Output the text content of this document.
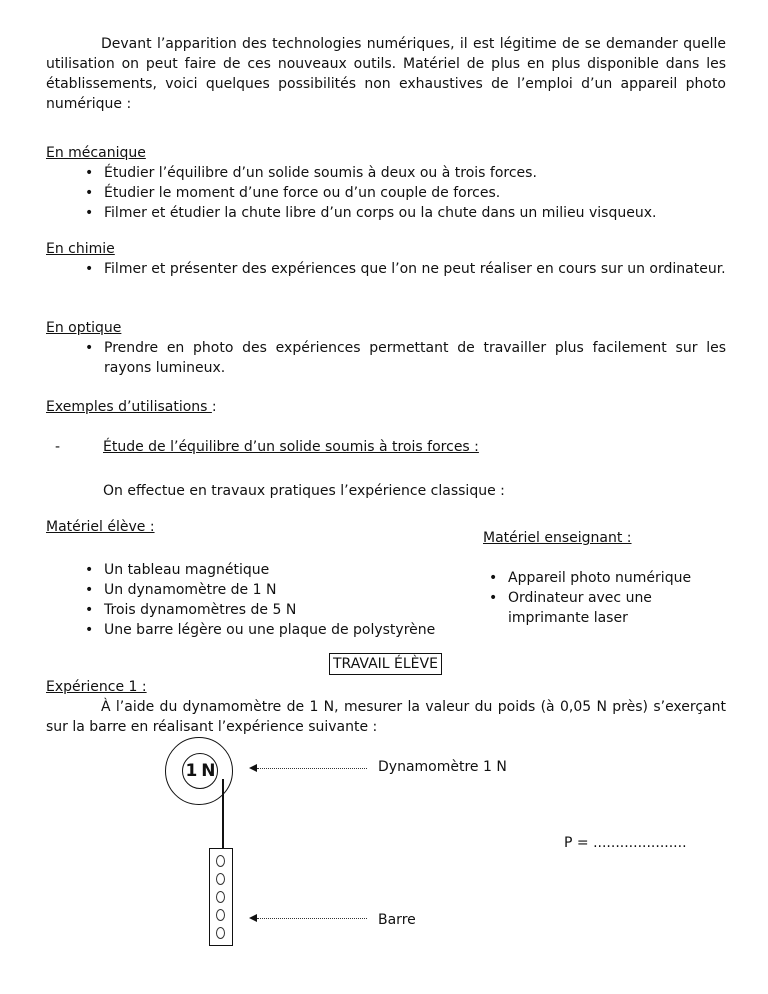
Devant l’apparition des technologies numériques, il est légitime de se demander quelle utilisation on peut faire de ces nouveaux outils. Matériel de plus en plus disponible dans les établissements, voici quelques possibilités non exhaustives de l’emploi d’un appareil photo numérique :
En mécanique
• Étudier l’équilibre d’un solide soumis à deux ou à trois forces.
• Étudier le moment d’une force ou d’un couple de forces.
• Filmer et étudier la chute libre d’un corps ou la chute dans un milieu visqueux.
En chimie
• Filmer et présenter des expériences que l’on ne peut réaliser en cours sur un ordinateur.
En optique
• Prendre en photo des expériences permettant de travailler plus facilement sur les rayons lumineux.
Exemples d’utilisations :
-	Étude de l’équilibre d’un solide soumis à trois forces :
On effectue en travaux pratiques l’expérience classique :
Matériel élève :
• Un tableau magnétique
• Un dynamomètre de 1 N
• Trois dynamomètres de 5 N
• Une barre légère ou une plaque de polystyrène
Matériel enseignant :
• Appareil photo numérique
• Ordinateur avec une imprimante laser
TRAVAIL ÉLÈVE
Expérience 1 :
À l’aide du dynamomètre de 1 N, mesurer la valeur du poids (à 0,05 N près) s’exerçant sur la barre en réalisant l’expérience suivante :
1 N	Dynamomètre 1 N
P = .....................
Barre
